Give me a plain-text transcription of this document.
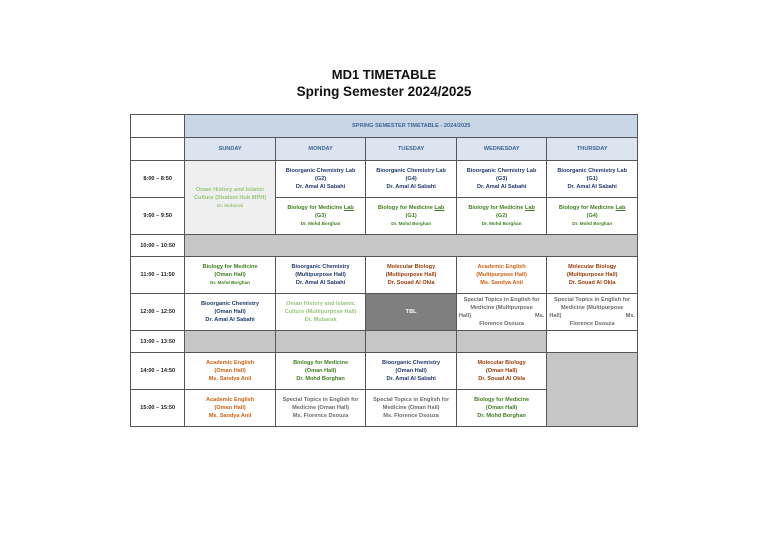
MD1 TIMETABLE
Spring Semester 2024/2025
	SPRING SEMESTER TIMETABLE - 2024/2025				
	SUNDAY	MONDAY	TUESDAY	WEDNESDAY	THURSDAY
8:00 – 8:50	Oman History and Islamic Culture (Student Hub MPH)
Dr. Mubarak	Bioorganic Chemistry Lab
(G2)
Dr. Amal Al Sabahi	Bioorganic Chemistry Lab
(G4)
Dr. Amal Al Sabahi	Bioorganic Chemistry Lab
(G3)
Dr. Amal Al Sabahi	Bioorganic Chemistry Lab
(G1)
Dr. Amal Al Sabahi

9:00 – 9:50		Biology for Medicine Lab
(G3)
Dr. Mohd Borghan	Biology for Medicine Lab
(G1)
Dr. Mohd Borghan	Biology for Medicine Lab
(G2)
Dr. Mohd Borghan	Biology for Medicine Lab
(G4)
Dr. Mohd Borghan

10:00 – 10:50					
11:00 – 11:50	Biology for Medicine
(Oman Hall)
Dr. Mohd Borghan	Bioorganic Chemistry
(Multipurpose Hall)
Dr. Amal Al Sabahi	Molecular Biology
(Multipurpose Hall)
Dr. Souad Al Okla	Academic English
(Multipurpose Hall)
Ms. Sandya Anil	Molecular Biology
(Multipurpose Hall)
Dr. Souad Al Okla

12:00 – 12:50	Bioorganic Chemistry
(Oman Hall)
Dr. Amal Al Sabahi	Oman History and Islamic Culture (Multipurpose Hall)
Dr. Mubarak	TBL	Special Topics in English for
Medicine (Multipurpose
Hall) Ms.
Florence Dsouza	Special Topics in English for
Medicine (Multipurpose
Hall) Ms.
Florence Dsouza

13:00 – 13:50					
14:00 – 14:50	Academic English
(Oman Hall)
Ms. Sandya Anil	Biology for Medicine
(Oman Hall)
Dr. Mohd Borghan	Bioorganic Chemistry
(Oman Hall)
Dr. Amal Al Sabahi	Molecular Biology
(Oman Hall)
Dr. Souad Al Okla	

15:00 – 15:50	Academic English
(Oman Hall)
Ms. Sandya Anil	Special Topics in English for
Medicine (Oman Hall)
Ms. Florence Dsouza	Special Topics in English for
Medicine (Oman Hall)
Ms. Florence Dsouza	Biology for Medicine
(Oman Hall)
Dr. Mohd Borghan	
